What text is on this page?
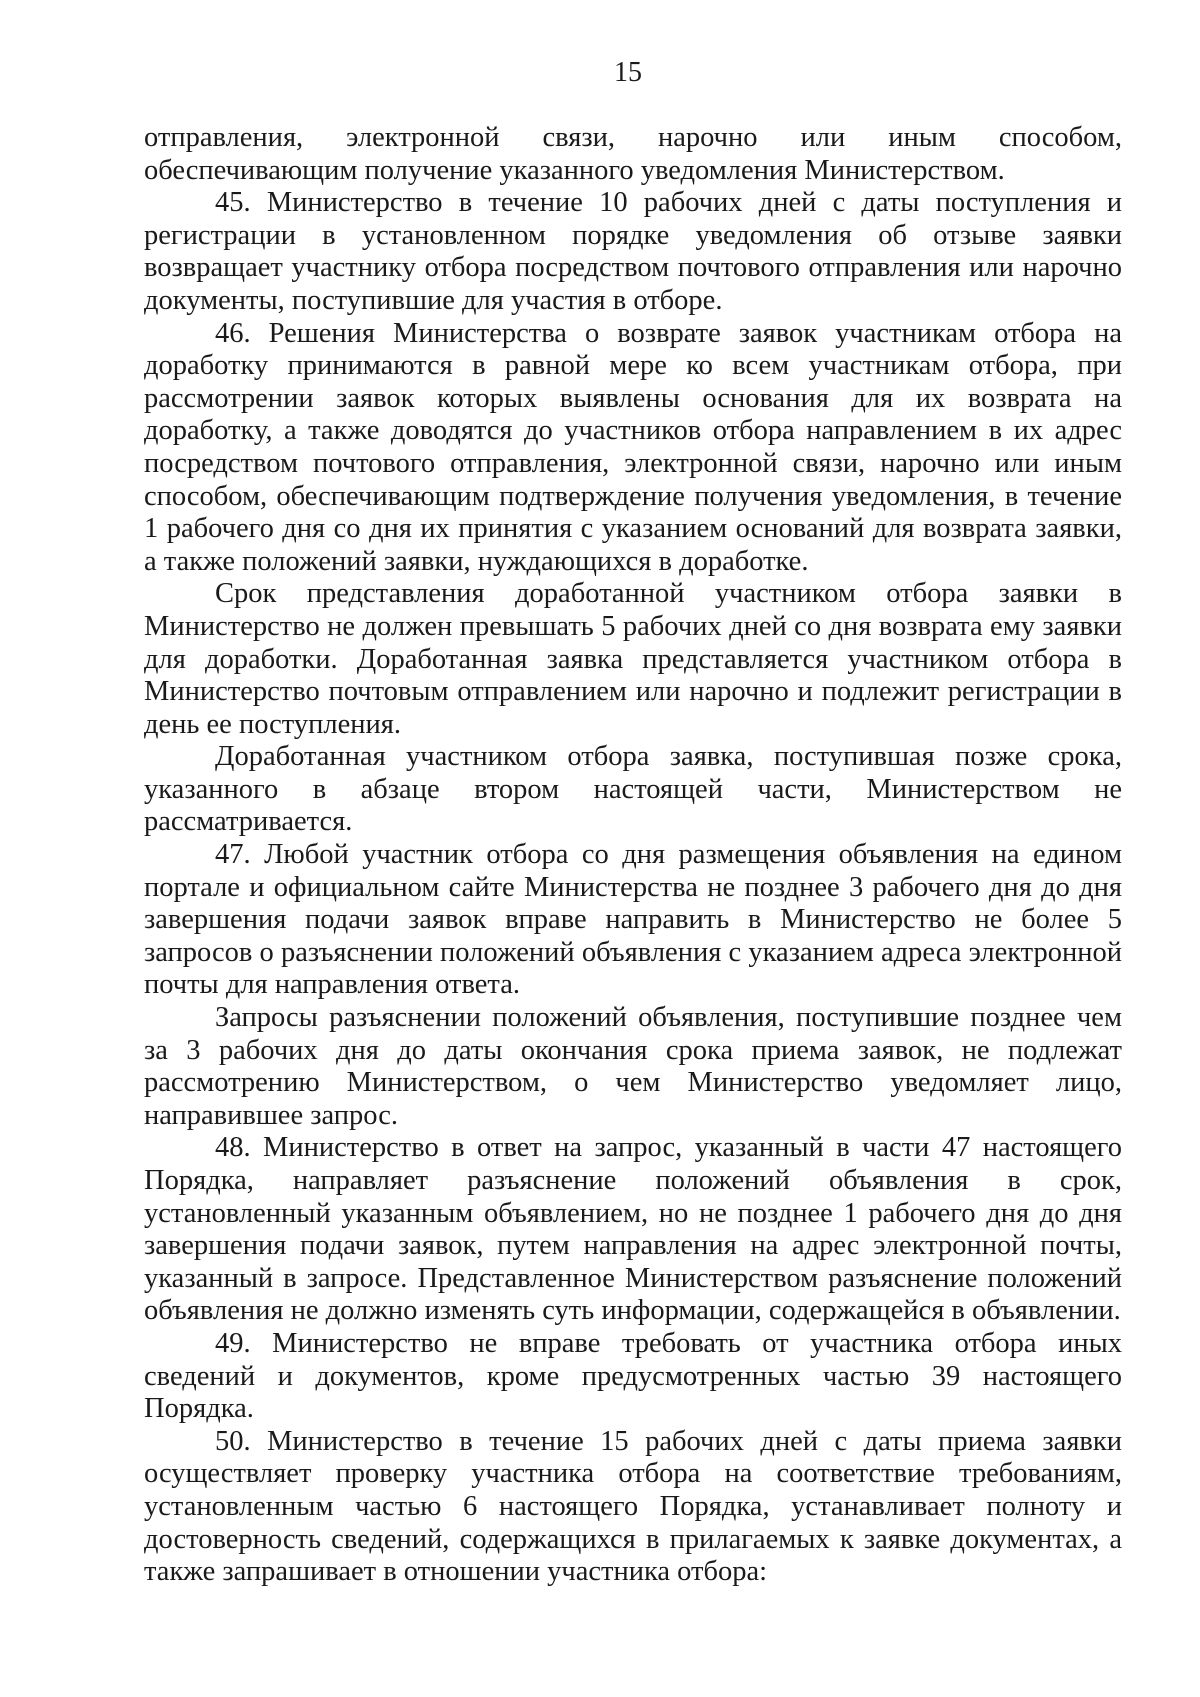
15

отправления, электронной связи, нарочно или иным способом, обеспечивающим получение указанного уведомления Министерством.

45. Министерство в течение 10 рабочих дней с даты поступления и регистрации в установленном порядке уведомления об отзыве заявки возвращает участнику отбора посредством почтового отправления или нарочно документы, поступившие для участия в отборе.

46. Решения Министерства о возврате заявок участникам отбора на доработку принимаются в равной мере ко всем участникам отбора, при рассмотрении заявок которых выявлены основания для их возврата на доработку, а также доводятся до участников отбора направлением в их адрес посредством почтового отправления, электронной связи, нарочно или иным способом, обеспечивающим подтверждение получения уведомления, в течение 1 рабочего дня со дня их принятия с указанием оснований для возврата заявки, а также положений заявки, нуждающихся в доработке.

Срок представления доработанной участником отбора заявки в Министерство не должен превышать 5 рабочих дней со дня возврата ему заявки для доработки. Доработанная заявка представляется участником отбора в Министерство почтовым отправлением или нарочно и подлежит регистрации в день ее поступления.

Доработанная участником отбора заявка, поступившая позже срока, указанного в абзаце втором настоящей части, Министерством не рассматривается.

47. Любой участник отбора со дня размещения объявления на едином портале и официальном сайте Министерства не позднее 3 рабочего дня до дня завершения подачи заявок вправе направить в Министерство не более 5 запросов о разъяснении положений объявления с указанием адреса электронной почты для направления ответа.

Запросы разъяснении положений объявления, поступившие позднее чем за 3 рабочих дня до даты окончания срока приема заявок, не подлежат рассмотрению Министерством, о чем Министерство уведомляет лицо, направившее запрос.

48. Министерство в ответ на запрос, указанный в части 47 настоящего Порядка, направляет разъяснение положений объявления в срок, установленный указанным объявлением, но не позднее 1 рабочего дня до дня завершения подачи заявок, путем направления на адрес электронной почты, указанный в запросе. Представленное Министерством разъяснение положений объявления не должно изменять суть информации, содержащейся в объявлении.

49. Министерство не вправе требовать от участника отбора иных сведений и документов, кроме предусмотренных частью 39 настоящего Порядка.

50. Министерство в течение 15 рабочих дней с даты приема заявки осуществляет проверку участника отбора на соответствие требованиям, установленным частью 6 настоящего Порядка, устанавливает полноту и достоверность сведений, содержащихся в прилагаемых к заявке документах, а также запрашивает в отношении участника отбора:
